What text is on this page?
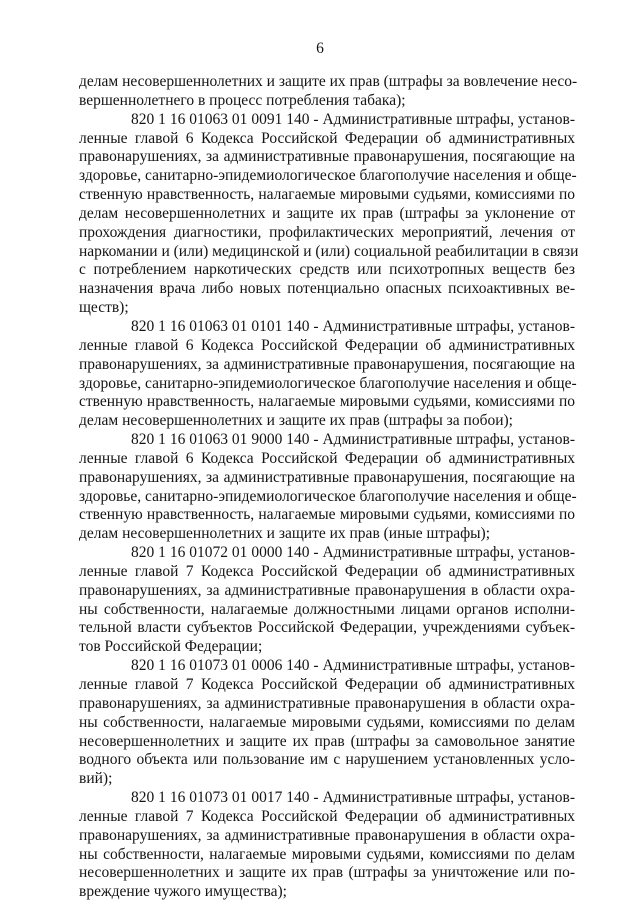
6

делам несовершеннолетних и защите их прав (штрафы за вовлечение несо-
вершеннолетнего в процесс потребления табака);

820 1 16 01063 01 0091 140 - Административные штрафы, установ-
ленные главой 6 Кодекса Российской Федерации об административных
правонарушениях, за административные правонарушения, посягающие на
здоровье, санитарно-эпидемиологическое благополучие населения и обще-
ственную нравственность, налагаемые мировыми судьями, комиссиями по
делам несовершеннолетних и защите их прав (штрафы за уклонение от
прохождения диагностики, профилактических мероприятий, лечения от
наркомании и (или) медицинской и (или) социальной реабилитации в связи
с потреблением наркотических средств или психотропных веществ без
назначения врача либо новых потенциально опасных психоактивных ве-
ществ);

820 1 16 01063 01 0101 140 - Административные штрафы, установ-
ленные главой 6 Кодекса Российской Федерации об административных
правонарушениях, за административные правонарушения, посягающие на
здоровье, санитарно-эпидемиологическое благополучие населения и обще-
ственную нравственность, налагаемые мировыми судьями, комиссиями по
делам несовершеннолетних и защите их прав (штрафы за побои);

820 1 16 01063 01 9000 140 - Административные штрафы, установ-
ленные главой 6 Кодекса Российской Федерации об административных
правонарушениях, за административные правонарушения, посягающие на
здоровье, санитарно-эпидемиологическое благополучие населения и обще-
ственную нравственность, налагаемые мировыми судьями, комиссиями по
делам несовершеннолетних и защите их прав (иные штрафы);

820 1 16 01072 01 0000 140 - Административные штрафы, установ-
ленные главой 7 Кодекса Российской Федерации об административных
правонарушениях, за административные правонарушения в области охра-
ны собственности, налагаемые должностными лицами органов исполни-
тельной власти субъектов Российской Федерации, учреждениями субъек-
тов Российской Федерации;

820 1 16 01073 01 0006 140 - Административные штрафы, установ-
ленные главой 7 Кодекса Российской Федерации об административных
правонарушениях, за административные правонарушения в области охра-
ны собственности, налагаемые мировыми судьями, комиссиями по делам
несовершеннолетних и защите их прав (штрафы за самовольное занятие
водного объекта или пользование им с нарушением установленных усло-
вий);

820 1 16 01073 01 0017 140 - Административные штрафы, установ-
ленные главой 7 Кодекса Российской Федерации об административных
правонарушениях, за административные правонарушения в области охра-
ны собственности, налагаемые мировыми судьями, комиссиями по делам
несовершеннолетних и защите их прав (штрафы за уничтожение или по-
вреждение чужого имущества);
